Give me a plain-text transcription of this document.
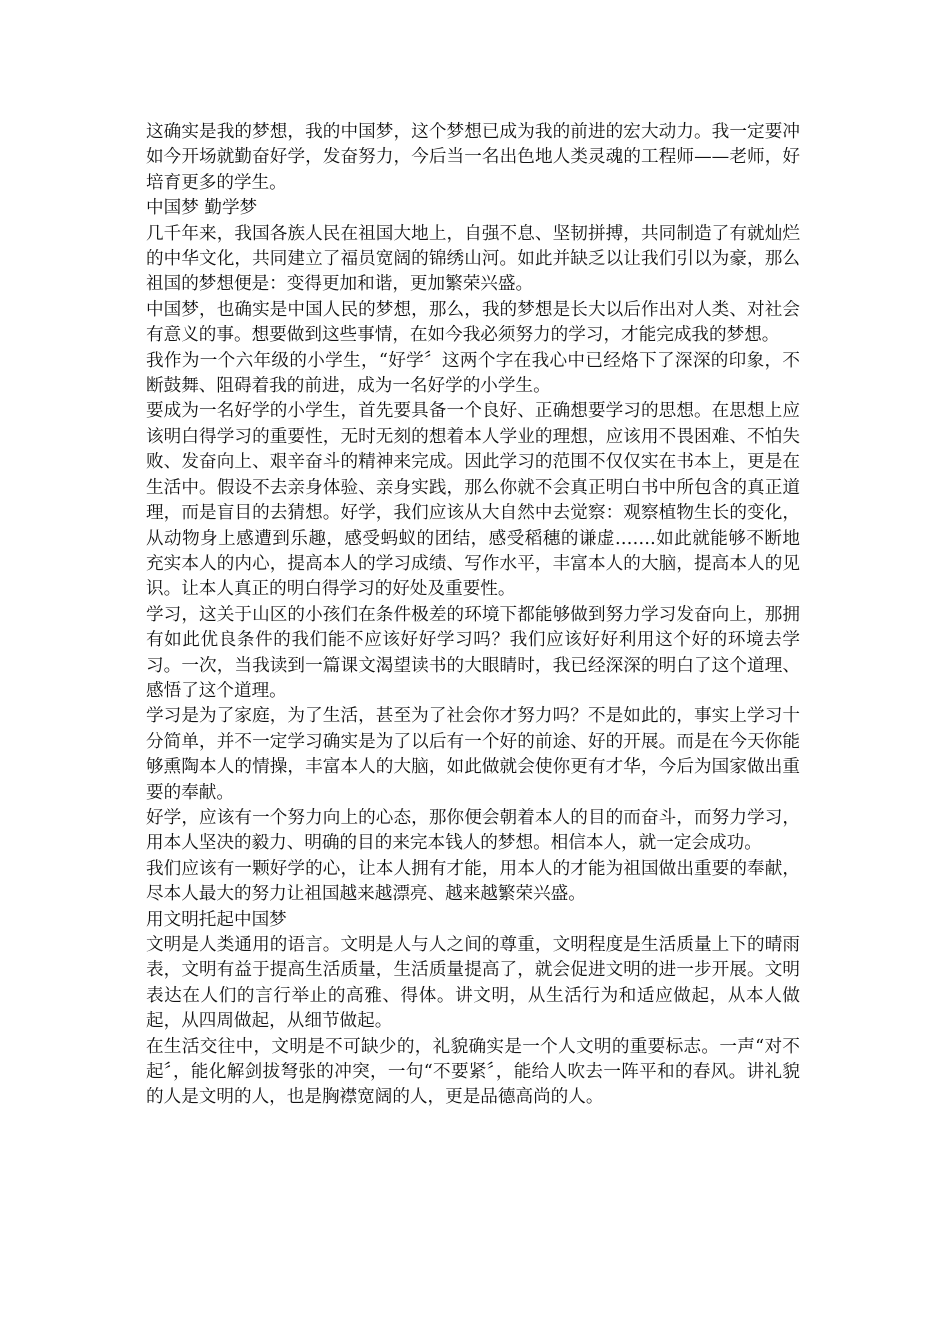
这确实是我的梦想，我的中国梦，这个梦想已成为我的前进的宏大动力。我一定要冲如今开场就勤奋好学，发奋努力，今后当一名出色地人类灵魂的工程师——老师，好培育更多的学生。

中国梦 勤学梦

几千年来，我国各族人民在祖国大地上，自强不息、坚韧拼搏，共同制造了有就灿烂的中华文化，共同建立了福员宽阔的锦绣山河。如此并缺乏以让我们引以为豪，那么祖国的梦想便是：变得更加和谐，更加繁荣兴盛。

中国梦，也确实是中国人民的梦想，那么，我的梦想是长大以后作出对人类、对社会有意义的事。想要做到这些事情，在如今我必须努力的学习，才能完成我的梦想。

我作为一个六年级的小学生，“好学〞这两个字在我心中已经烙下了深深的印象，不断鼓舞、阻碍着我的前进，成为一名好学的小学生。

要成为一名好学的小学生，首先要具备一个良好、正确想要学习的思想。在思想上应该明白得学习的重要性，无时无刻的想着本人学业的理想，应该用不畏困难、不怕失败、发奋向上、艰辛奋斗的精神来完成。因此学习的范围不仅仅实在书本上，更是在生活中。假设不去亲身体验、亲身实践，那么你就不会真正明白书中所包含的真正道理，而是盲目的去猜想。好学，我们应该从大自然中去觉察：观察植物生长的变化，从动物身上感遭到乐趣，感受蚂蚁的团结，感受稻穗的谦虚…….如此就能够不断地充实本人的内心，提高本人的学习成绩、写作水平，丰富本人的大脑，提高本人的见识。让本人真正的明白得学习的好处及重要性。

学习，这关于山区的小孩们在条件极差的环境下都能够做到努力学习发奋向上，那拥有如此优良条件的我们能不应该好好学习吗？我们应该好好利用这个好的环境去学习。一次，当我读到一篇课文渴望读书的大眼睛时，我已经深深的明白了这个道理、感悟了这个道理。

学习是为了家庭，为了生活，甚至为了社会你才努力吗？不是如此的，事实上学习十分简单，并不一定学习确实是为了以后有一个好的前途、好的开展。而是在今天你能够熏陶本人的情操，丰富本人的大脑，如此做就会使你更有才华，今后为国家做出重要的奉献。

好学，应该有一个努力向上的心态，那你便会朝着本人的目的而奋斗，而努力学习，用本人坚决的毅力、明确的目的来完本钱人的梦想。相信本人，就一定会成功。

我们应该有一颗好学的心，让本人拥有才能，用本人的才能为祖国做出重要的奉献，尽本人最大的努力让祖国越来越漂亮、越来越繁荣兴盛。

用文明托起中国梦

文明是人类通用的语言。文明是人与人之间的尊重，文明程度是生活质量上下的晴雨表，文明有益于提高生活质量，生活质量提高了，就会促进文明的进一步开展。文明表达在人们的言行举止的高雅、得体。讲文明，从生活行为和适应做起，从本人做起，从四周做起，从细节做起。

在生活交往中，文明是不可缺少的，礼貌确实是一个人文明的重要标志。一声“对不起〞，能化解剑拔弩张的冲突，一句“不要紧〞，能给人吹去一阵平和的春风。讲礼貌的人是文明的人，也是胸襟宽阔的人，更是品德高尚的人。
